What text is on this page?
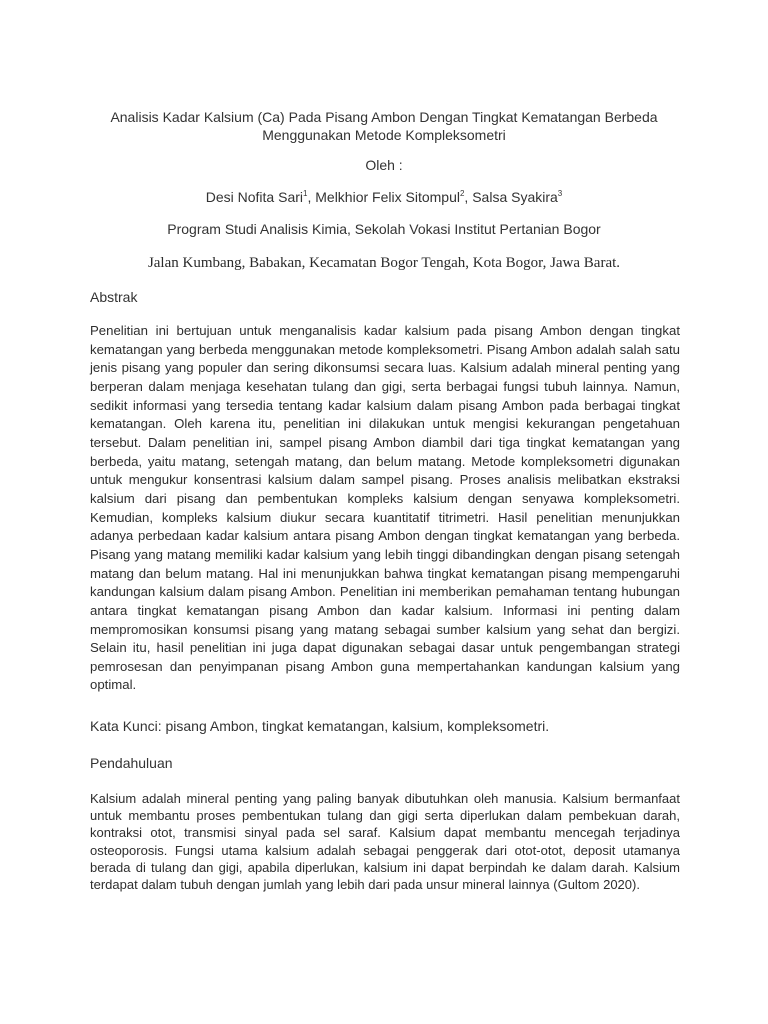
Analisis Kadar Kalsium (Ca) Pada Pisang Ambon Dengan Tingkat Kematangan Berbeda
Menggunakan Metode Kompleksometri
Oleh :
Desi Nofita Sari$^1$, Melkhior Felix Sitompul$^2$, Salsa Syakira$^3$
Program Studi Analisis Kimia, Sekolah Vokasi Institut Pertanian Bogor
Jalan Kumbang, Babakan, Kecamatan Bogor Tengah, Kota Bogor, Jawa Barat.
Abstrak
Penelitian ini bertujuan untuk menganalisis kadar kalsium pada pisang Ambon dengan tingkat kematangan yang berbeda menggunakan metode kompleksometri. Pisang Ambon adalah salah satu jenis pisang yang populer dan sering dikonsumsi secara luas. Kalsium adalah mineral penting yang berperan dalam menjaga kesehatan tulang dan gigi, serta berbagai fungsi tubuh lainnya. Namun, sedikit informasi yang tersedia tentang kadar kalsium dalam pisang Ambon pada berbagai tingkat kematangan. Oleh karena itu, penelitian ini dilakukan untuk mengisi kekurangan pengetahuan tersebut. Dalam penelitian ini, sampel pisang Ambon diambil dari tiga tingkat kematangan yang berbeda, yaitu matang, setengah matang, dan belum matang. Metode kompleksometri digunakan untuk mengukur konsentrasi kalsium dalam sampel pisang. Proses analisis melibatkan ekstraksi kalsium dari pisang dan pembentukan kompleks kalsium dengan senyawa kompleksometri. Kemudian, kompleks kalsium diukur secara kuantitatif titrimetri. Hasil penelitian menunjukkan adanya perbedaan kadar kalsium antara pisang Ambon dengan tingkat kematangan yang berbeda. Pisang yang matang memiliki kadar kalsium yang lebih tinggi dibandingkan dengan pisang setengah matang dan belum matang. Hal ini menunjukkan bahwa tingkat kematangan pisang mempengaruhi kandungan kalsium dalam pisang Ambon. Penelitian ini memberikan pemahaman tentang hubungan antara tingkat kematangan pisang Ambon dan kadar kalsium. Informasi ini penting dalam mempromosikan konsumsi pisang yang matang sebagai sumber kalsium yang sehat dan bergizi. Selain itu, hasil penelitian ini juga dapat digunakan sebagai dasar untuk pengembangan strategi pemrosesan dan penyimpanan pisang Ambon guna mempertahankan kandungan kalsium yang optimal.
Kata Kunci: pisang Ambon, tingkat kematangan, kalsium, kompleksometri.
Pendahuluan
Kalsium adalah mineral penting yang paling banyak dibutuhkan oleh manusia. Kalsium bermanfaat untuk membantu proses pembentukan tulang dan gigi serta diperlukan dalam pembekuan darah, kontraksi otot, transmisi sinyal pada sel saraf. Kalsium dapat membantu mencegah terjadinya osteoporosis. Fungsi utama kalsium adalah sebagai penggerak dari otot-otot, deposit utamanya berada di tulang dan gigi, apabila diperlukan, kalsium ini dapat berpindah ke dalam darah. Kalsium terdapat dalam tubuh dengan jumlah yang lebih dari pada unsur mineral lainnya (Gultom 2020).
